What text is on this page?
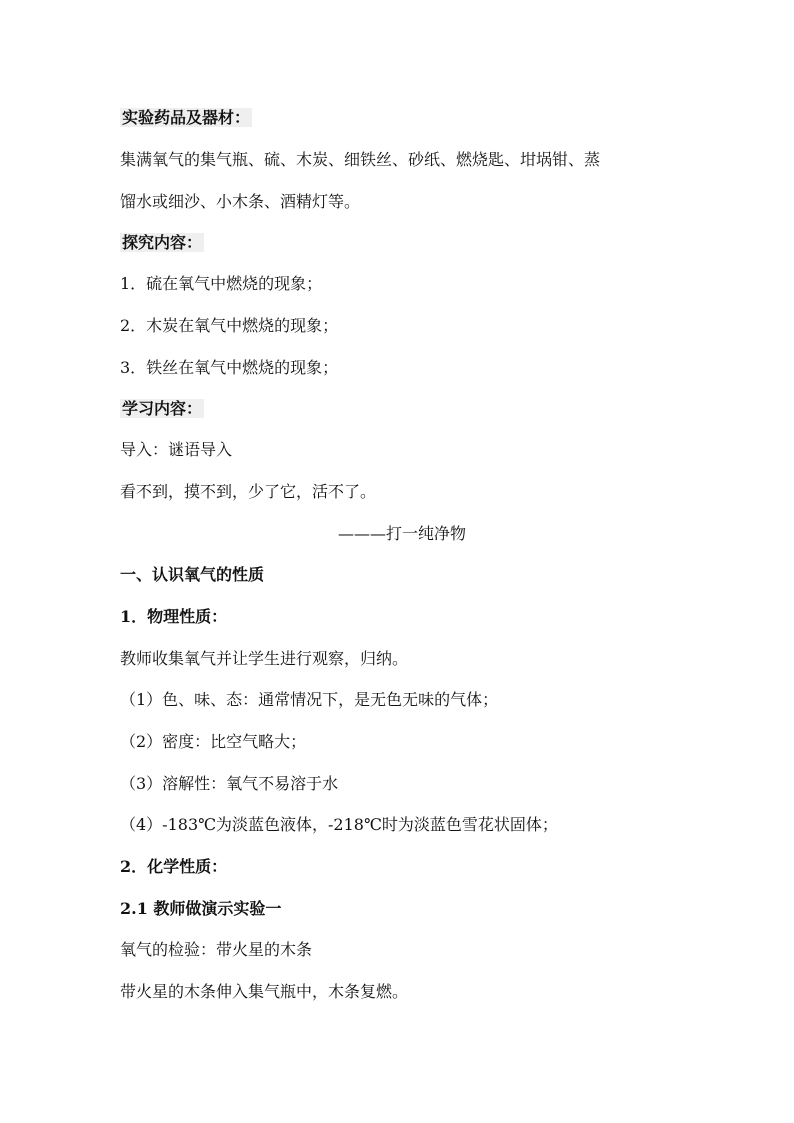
实验药品及器材：
集满氧气的集气瓶、硫、木炭、细铁丝、砂纸、燃烧匙、坩埚钳、蒸
馏水或细沙、小木条、酒精灯等。
探究内容：
1．硫在氧气中燃烧的现象；
2．木炭在氧气中燃烧的现象；
3．铁丝在氧气中燃烧的现象；
学习内容：
导入：谜语导入
看不到，摸不到，少了它，活不了。
———打一纯净物
一、认识氧气的性质
1．物理性质：
教师收集氧气并让学生进行观察，归纳。
（1）色、味、态：通常情况下，是无色无味的气体；
（2）密度：比空气略大；
（3）溶解性：氧气不易溶于水
（4）-183℃为淡蓝色液体，-218℃时为淡蓝色雪花状固体；
2．化学性质：
2.1 教师做演示实验一
氧气的检验：带火星的木条
带火星的木条伸入集气瓶中，木条复燃。
